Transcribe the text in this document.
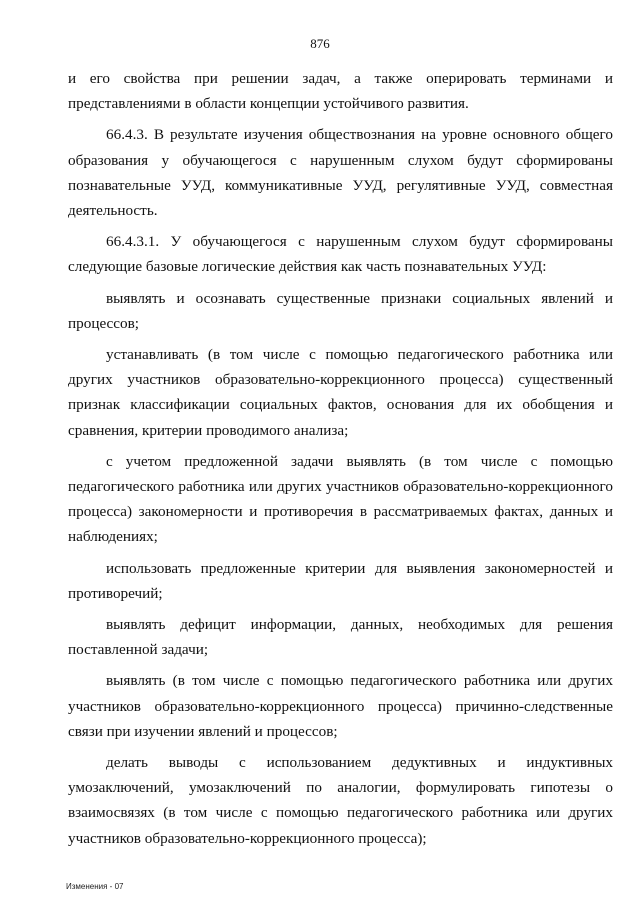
876

и его свойства при решении задач, а также оперировать терминами и представлениями в области концепции устойчивого развития.

66.4.3. В результате изучения обществознания на уровне основного общего образования у обучающегося с нарушенным слухом будут сформированы познавательные УУД, коммуникативные УУД, регулятивные УУД, совместная деятельность.

66.4.3.1. У обучающегося с нарушенным слухом будут сформированы следующие базовые логические действия как часть познавательных УУД:

выявлять и осознавать существенные признаки социальных явлений и процессов;

устанавливать (в том числе с помощью педагогического работника или других участников образовательно-коррекционного процесса) существенный признак классификации социальных фактов, основания для их обобщения и сравнения, критерии проводимого анализа;

с учетом предложенной задачи выявлять (в том числе с помощью педагогического работника или других участников образовательно-коррекционного процесса) закономерности и противоречия в рассматриваемых фактах, данных и наблюдениях;

использовать предложенные критерии для выявления закономерностей и противоречий;

выявлять дефицит информации, данных, необходимых для решения поставленной задачи;

выявлять (в том числе с помощью педагогического работника или других участников образовательно-коррекционного процесса) причинно-следственные связи при изучении явлений и процессов;

делать выводы с использованием дедуктивных и индуктивных умозаключений, умозаключений по аналогии, формулировать гипотезы о взаимосвязях (в том числе с помощью педагогического работника или других участников образовательно-коррекционного процесса);

Изменения - 07
